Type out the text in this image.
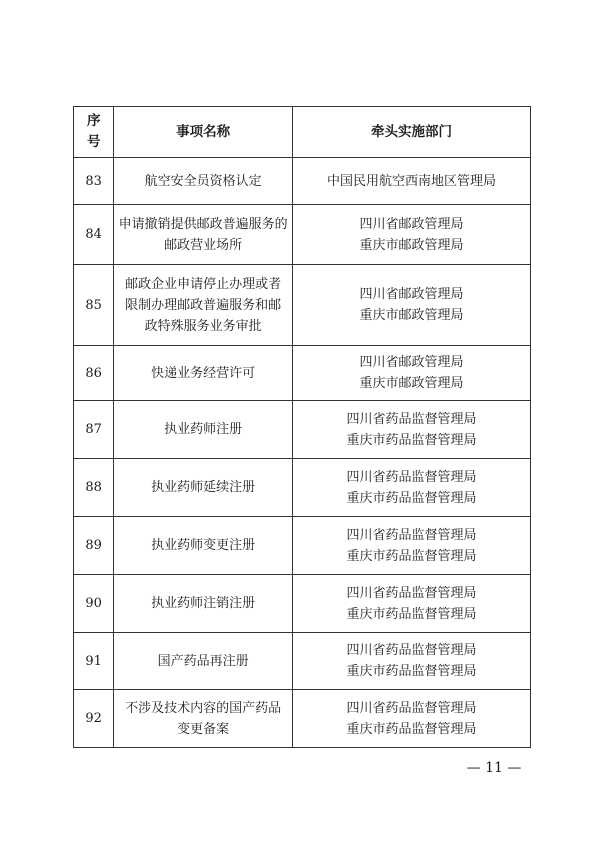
序
号	事项名称	牵头实施部门
83	航空安全员资格认定	中国民用航空西南地区管理局

84	申请撤销提供邮政普遍服务的
邮政营业场所	四川省邮政管理局
重庆市邮政管理局

85	邮政企业申请停止办理或者
限制办理邮政普遍服务和邮
政特殊服务业务审批	四川省邮政管理局
重庆市邮政管理局

86	快递业务经营许可	四川省邮政管理局
重庆市邮政管理局

87	执业药师注册	四川省药品监督管理局
重庆市药品监督管理局

88	执业药师延续注册	四川省药品监督管理局
重庆市药品监督管理局

89	执业药师变更注册	四川省药品监督管理局
重庆市药品监督管理局

90	执业药师注销注册	四川省药品监督管理局
重庆市药品监督管理局

91	国产药品再注册	四川省药品监督管理局
重庆市药品监督管理局

92	不涉及技术内容的国产药品
变更备案	四川省药品监督管理局
重庆市药品监督管理局
— 11 —
